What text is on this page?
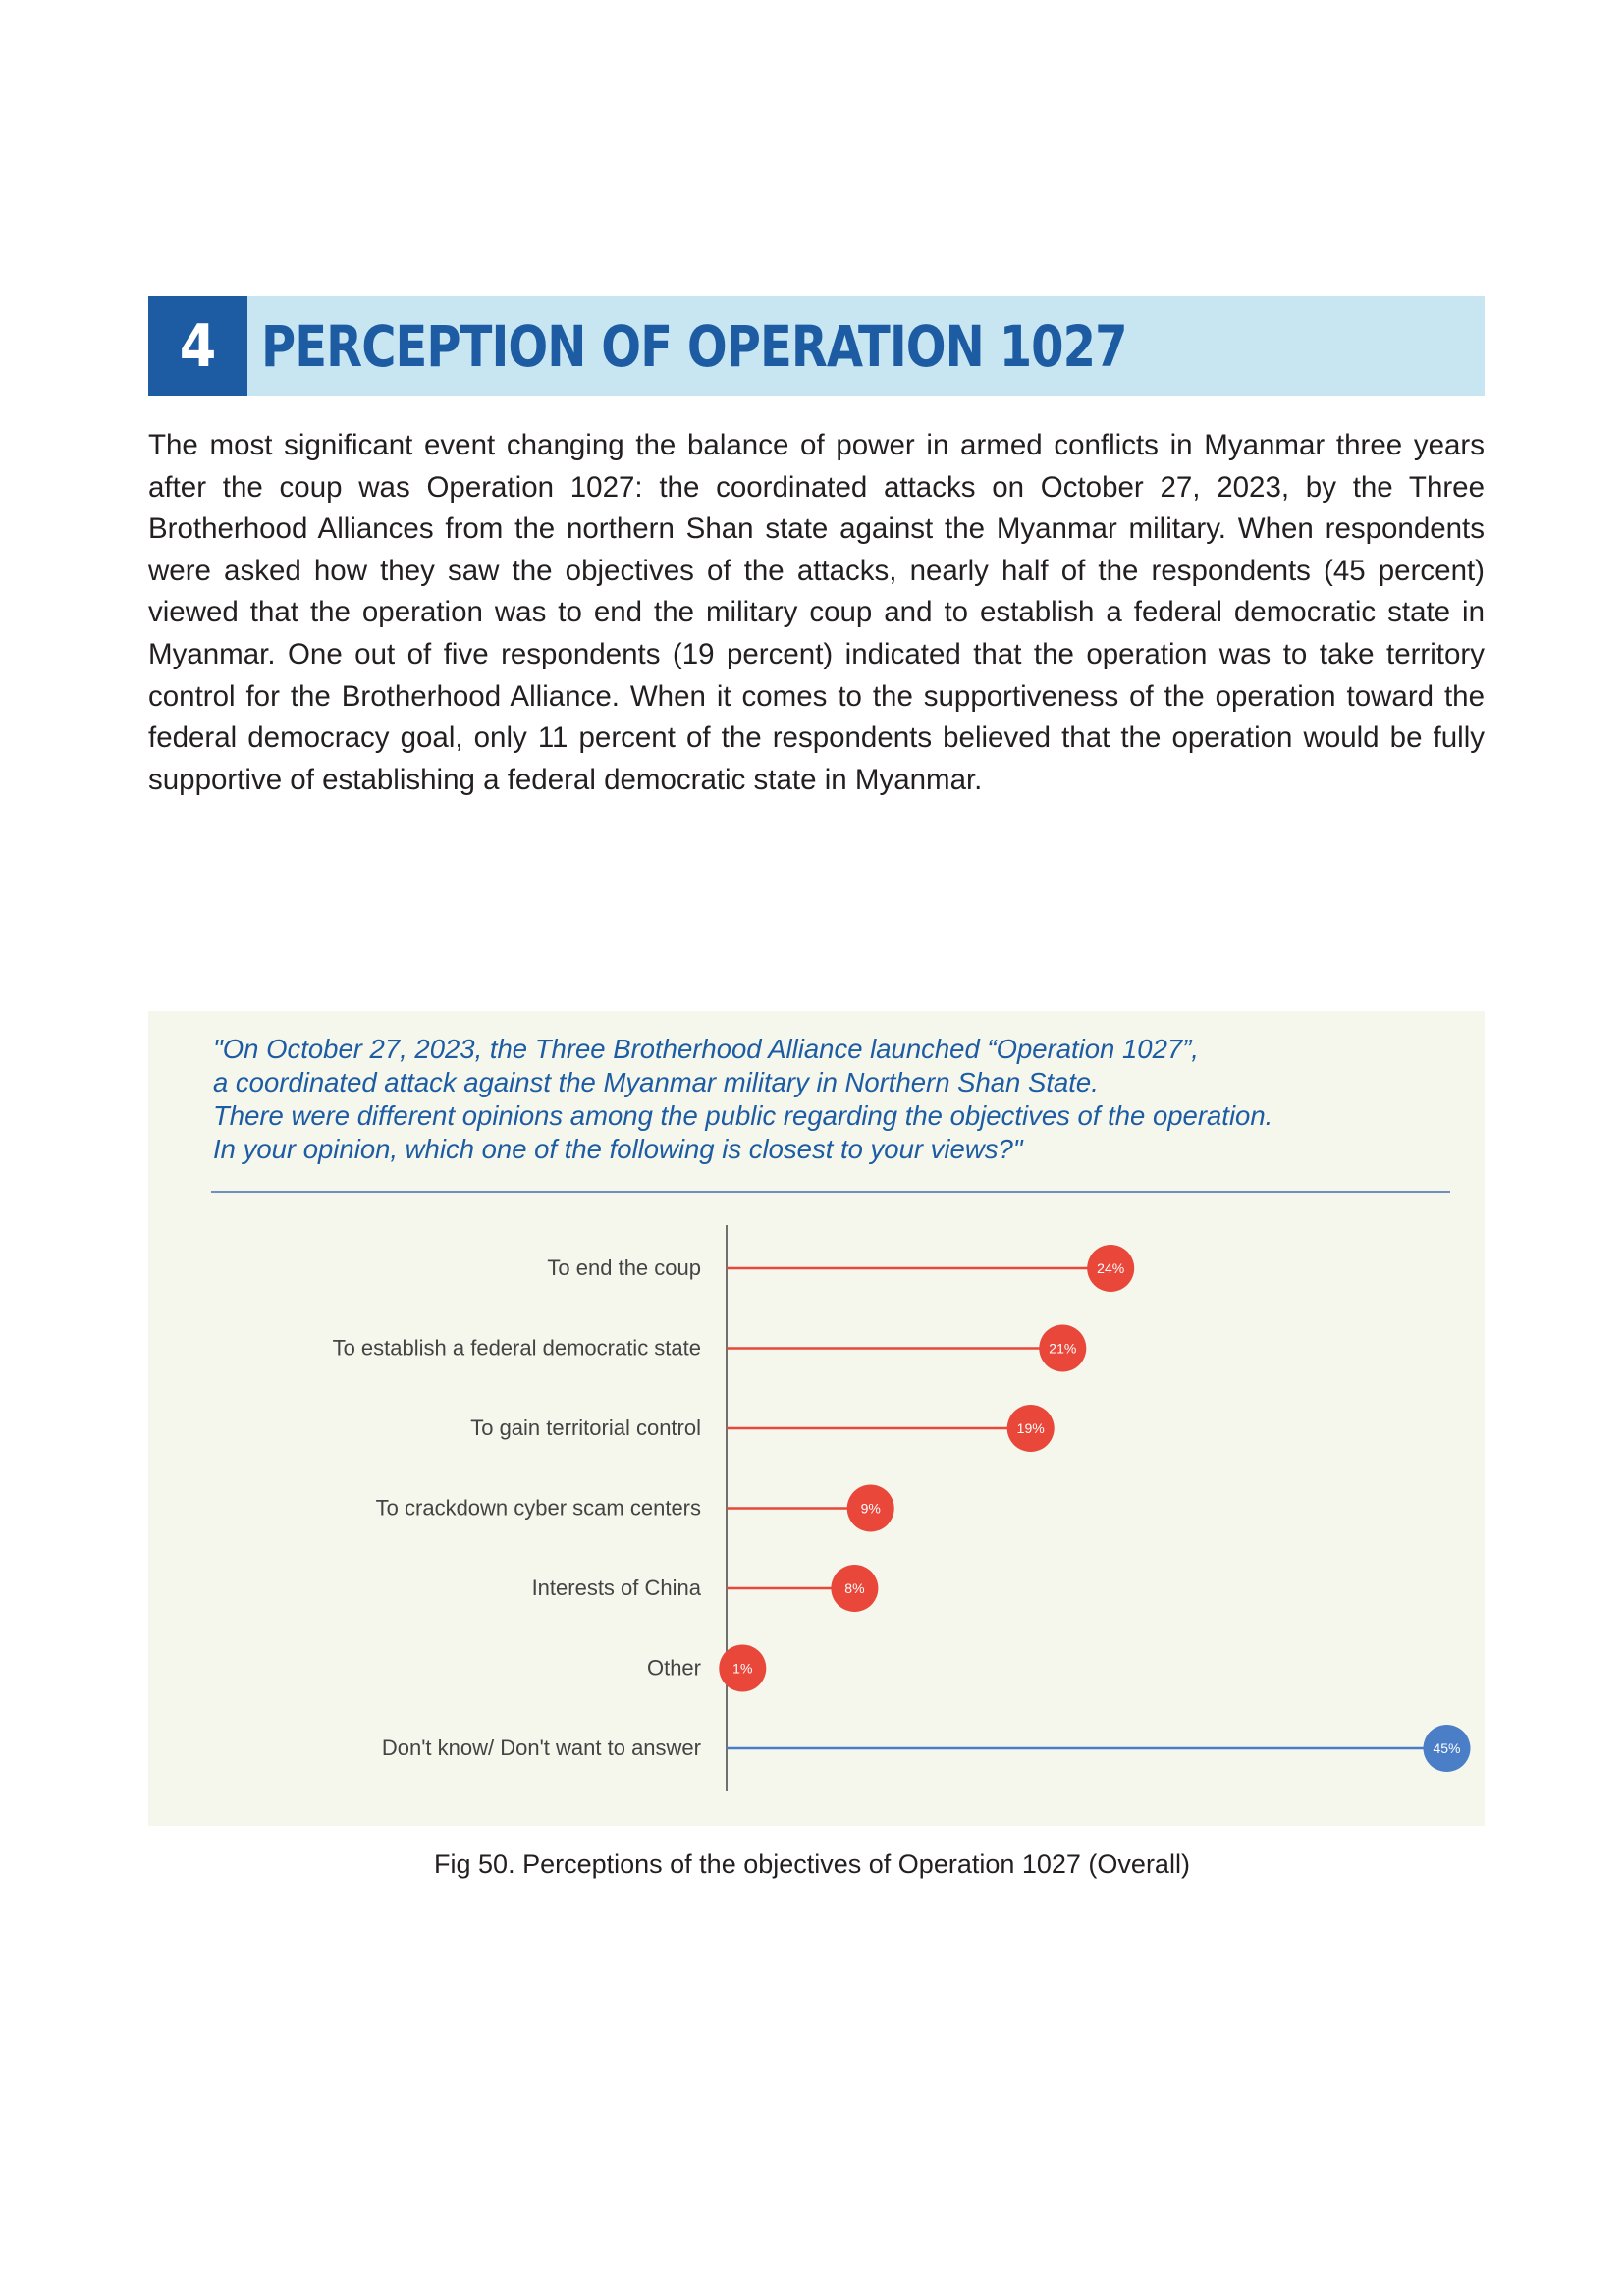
4 PERCEPTION OF OPERATION 1027

The most significant event changing the balance of power in armed conflicts in Myanmar three years after the coup was Operation 1027: the coordinated attacks on October 27, 2023, by the Three Brotherhood Alliances from the northern Shan state against the Myanmar military. When respondents were asked how they saw the objectives of the attacks, nearly half of the respondents (45 percent) viewed that the operation was to end the military coup and to establish a federal democratic state in Myanmar. One out of five respondents (19 percent) indicated that the operation was to take territory control for the Brotherhood Alliance. When it comes to the supportiveness of the operation toward the federal democracy goal, only 11 percent of the respondents believed that the operation would be fully supportive of establishing a federal democratic state in Myanmar.

"On October 27, 2023, the Three Brotherhood Alliance launched “Operation 1027”,
a coordinated attack against the Myanmar military in Northern Shan State.
There were different opinions among the public regarding the objectives of the operation.
In your opinion, which one of the following is closest to your views?"

To end the coup	24%
To establish a federal democratic state	21%
To gain territorial control	19%
To crackdown cyber scam centers	9%
Interests of China	8%
Other 1%
Don't know/ Don't want to answer	45%

Fig 50. Perceptions of the objectives of Operation 1027 (Overall)
